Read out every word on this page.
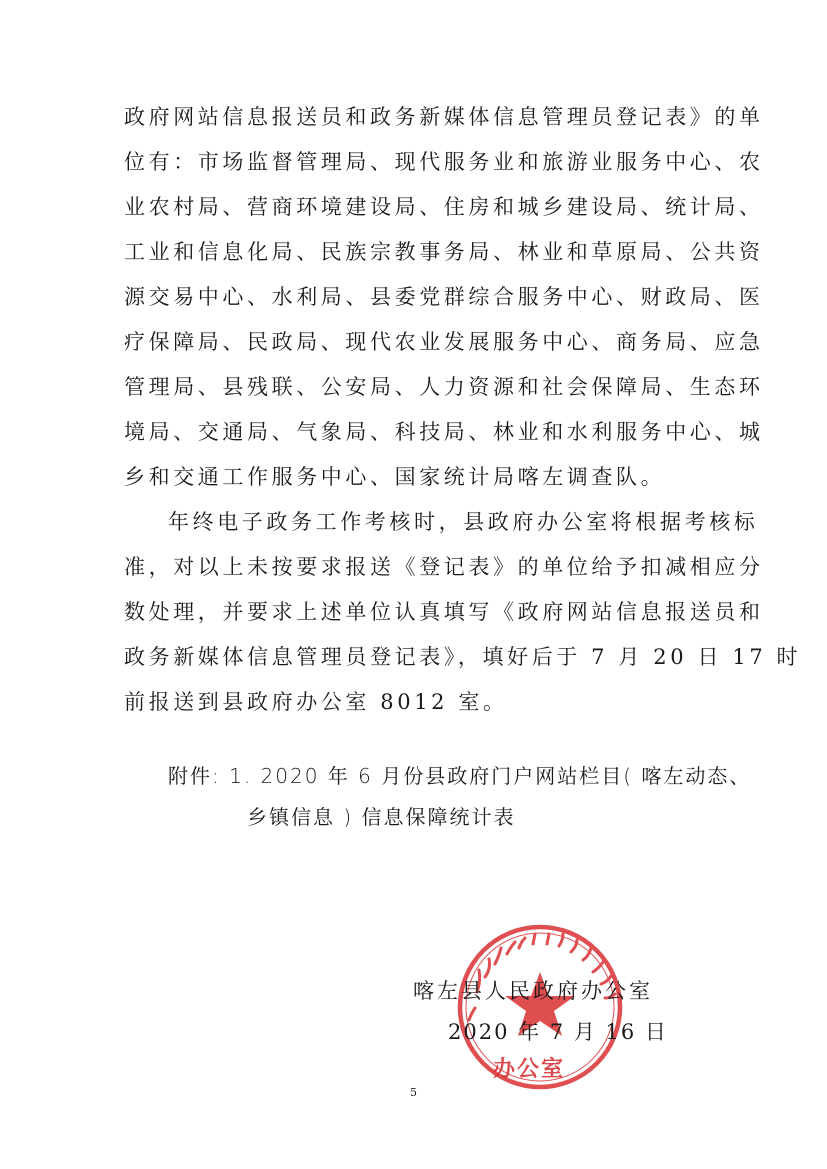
政府网站信息报送员和政务新媒体信息管理员登记表》的单
位有：市场监督管理局、现代服务业和旅游业服务中心、农
业农村局、营商环境建设局、住房和城乡建设局、统计局、
工业和信息化局、民族宗教事务局、林业和草原局、公共资
源交易中心、水利局、县委党群综合服务中心、财政局、医
疗保障局、民政局、现代农业发展服务中心、商务局、应急
管理局、县残联、公安局、人力资源和社会保障局、生态环
境局、交通局、气象局、科技局、林业和水利服务中心、城
乡和交通工作服务中心、国家统计局喀左调查队。
年终电子政务工作考核时，县政府办公室将根据考核标
准，对以上未按要求报送《登记表》的单位给予扣减相应分
数处理，并要求上述单位认真填写《政府网站信息报送员和
政务新媒体信息管理员登记表》，填好后于 7 月 20 日 17 时
前报送到县政府办公室 8012 室。
附件: 1. 2020 年 6 月份县政府门户网站栏目( 喀左动态、
乡镇信息 ) 信息保障统计表
办公室
喀左县人民政府办公室
2020 年 7 月 16 日
5
